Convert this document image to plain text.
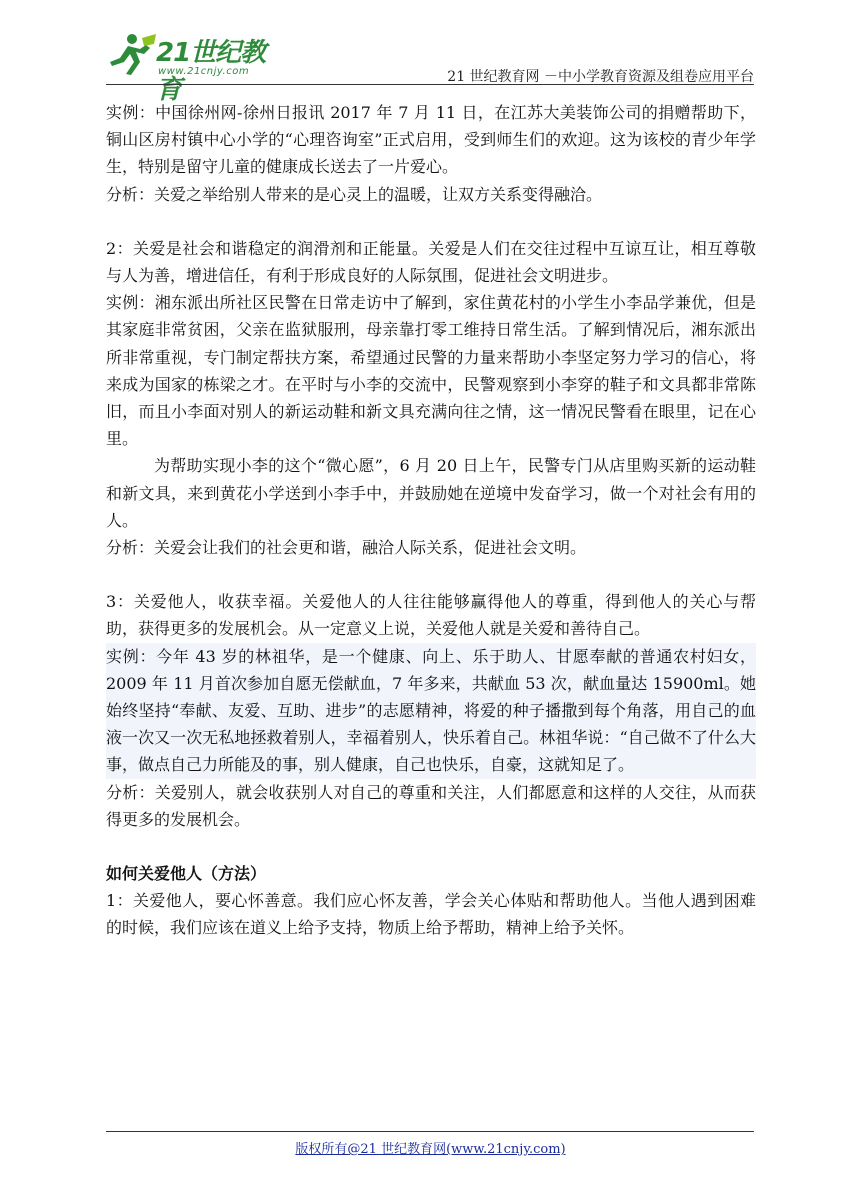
21世纪教育
www.21cnjy.com	21 世纪教育网 －中小学教育资源及组卷应用平台

实例：中国徐州网-徐州日报讯 2017 年 7 月 11 日，在江苏大美装饰公司的捐赠帮助下，铜山区房村镇中心小学的“心理咨询室”正式启用，受到师生们的欢迎。这为该校的青少年学生，特别是留守儿童的健康成长送去了一片爱心。

分析：关爱之举给别人带来的是心灵上的温暖，让双方关系变得融洽。

2：关爱是社会和谐稳定的润滑剂和正能量。关爱是人们在交往过程中互谅互让，相互尊敬与人为善，增进信任，有利于形成良好的人际氛围，促进社会文明进步。

实例：湘东派出所社区民警在日常走访中了解到，家住黄花村的小学生小李品学兼优，但是其家庭非常贫困，父亲在监狱服刑，母亲靠打零工维持日常生活。了解到情况后，湘东派出所非常重视，专门制定帮扶方案，希望通过民警的力量来帮助小李坚定努力学习的信心，将来成为国家的栋梁之才。在平时与小李的交流中，民警观察到小李穿的鞋子和文具都非常陈旧，而且小李面对别人的新运动鞋和新文具充满向往之情，这一情况民警看在眼里，记在心里。

为帮助实现小李的这个“微心愿”，6 月 20 日上午，民警专门从店里购买新的运动鞋和新文具，来到黄花小学送到小李手中，并鼓励她在逆境中发奋学习，做一个对社会有用的人。

分析：关爱会让我们的社会更和谐，融洽人际关系，促进社会文明。

3：关爱他人，收获幸福。关爱他人的人往往能够赢得他人的尊重，得到他人的关心与帮助，获得更多的发展机会。从一定意义上说，关爱他人就是关爱和善待自己。

实例：今年 43 岁的林祖华，是一个健康、向上、乐于助人、甘愿奉献的普通农村妇女，2009 年 11 月首次参加自愿无偿献血，7 年多来，共献血 53 次，献血量达 15900ml。她始终坚持“奉献、友爱、互助、进步”的志愿精神，将爱的种子播撒到每个角落，用自己的血液一次又一次无私地拯救着别人，幸福着别人，快乐着自己。林祖华说：“自己做不了什么大事，做点自己力所能及的事，别人健康，自己也快乐，自豪，这就知足了。

分析：关爱别人，就会收获别人对自己的尊重和关注，人们都愿意和这样的人交往，从而获得更多的发展机会。

如何关爱他人（方法）

1：关爱他人，要心怀善意。我们应心怀友善，学会关心体贴和帮助他人。当他人遇到困难的时候，我们应该在道义上给予支持，物质上给予帮助，精神上给予关怀。

版权所有@21 世纪教育网(www.21cnjy.com)
